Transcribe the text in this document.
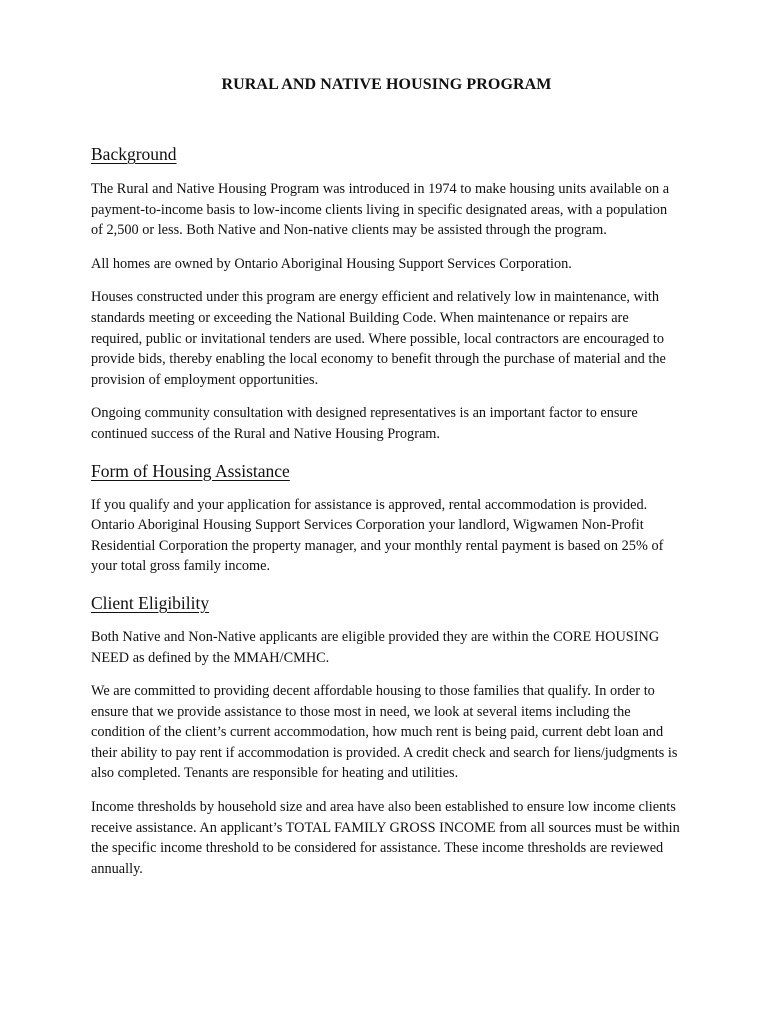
RURAL AND NATIVE HOUSING PROGRAM
Background

The Rural and Native Housing Program was introduced in 1974 to make housing units available on a payment-to-income basis to low-income clients living in specific designated areas, with a population of 2,500 or less. Both Native and Non-native clients may be assisted through the program.

All homes are owned by Ontario Aboriginal Housing Support Services Corporation.

Houses constructed under this program are energy efficient and relatively low in maintenance, with standards meeting or exceeding the National Building Code. When maintenance or repairs are required, public or invitational tenders are used. Where possible, local contractors are encouraged to provide bids, thereby enabling the local economy to benefit through the purchase of material and the provision of employment opportunities.

Ongoing community consultation with designed representatives is an important factor to ensure continued success of the Rural and Native Housing Program.

Form of Housing Assistance

If you qualify and your application for assistance is approved, rental accommodation is provided. Ontario Aboriginal Housing Support Services Corporation your landlord, Wigwamen Non-Profit Residential Corporation the property manager, and your monthly rental payment is based on 25% of your total gross family income.

Client Eligibility

Both Native and Non-Native applicants are eligible provided they are within the CORE HOUSING NEED as defined by the MMAH/CMHC.

We are committed to providing decent affordable housing to those families that qualify. In order to ensure that we provide assistance to those most in need, we look at several items including the condition of the client’s current accommodation, how much rent is being paid, current debt loan and their ability to pay rent if accommodation is provided. A credit check and search for liens/judgments is also completed. Tenants are responsible for heating and utilities.

Income thresholds by household size and area have also been established to ensure low income clients receive assistance. An applicant’s TOTAL FAMILY GROSS INCOME from all sources must be within the specific income threshold to be considered for assistance. These income thresholds are reviewed annually.
